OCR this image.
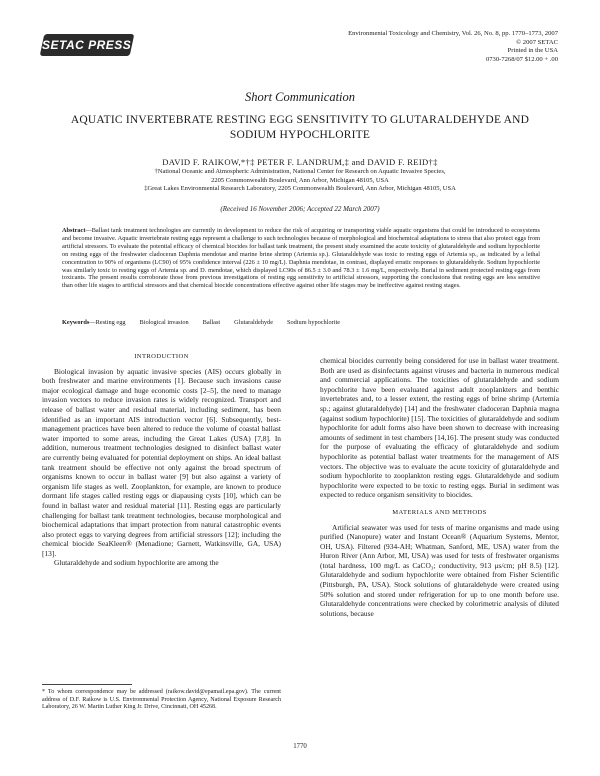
SETAC PRESS
Environmental Toxicology and Chemistry, Vol. 26, No. 8, pp. 1770–1773, 2007
© 2007 SETAC
Printed in the USA
0730-7268/07 $12.00 + .00
Short Communication
AQUATIC INVERTEBRATE RESTING EGG SENSITIVITY TO GLUTARALDEHYDE AND
SODIUM HYPOCHLORITE
DAVID F. RAIKOW,*†‡ PETER F. LANDRUM,‡ and DAVID F. REID†‡
†National Oceanic and Atmospheric Administration, National Center for Research on Aquatic Invasive Species,
2205 Commonwealth Boulevard, Ann Arbor, Michigan 48105, USA
‡Great Lakes Environmental Research Laboratory, 2205 Commonwealth Boulevard, Ann Arbor, Michigan 48105, USA
(Received 16 November 2006; Accepted 22 March 2007)
Abstract—Ballast tank treatment technologies are currently in development to reduce the risk of acquiring or transporting viable aquatic organisms that could be introduced to ecosystems and become invasive. Aquatic invertebrate resting eggs represent a challenge to such technologies because of morphological and biochemical adaptations to stress that also protect eggs from artificial stressors. To evaluate the potential efficacy of chemical biocides for ballast tank treatment, the present study examined the acute toxicity of glutaraldehyde and sodium hypochlorite on resting eggs of the freshwater cladoceran Daphnia mendotae and marine brine shrimp (Artemia sp.). Glutaraldehyde was toxic to resting eggs of Artemia sp., as indicated by a lethal concentration to 90% of organisms (LC90) of 95% confidence interval (226 ± 10 mg/L). Daphnia mendotae, in contrast, displayed erratic responses to glutaraldehyde. Sodium hypochlorite was similarly toxic to resting eggs of Artemia sp. and D. mendotae, which displayed LC90s of 86.5 ± 3.0 and 78.3 ± 1.6 mg/L, respectively. Burial in sediment protected resting eggs from toxicants. The present results corroborate those from previous investigations of resting egg sensitivity to artificial stressors, supporting the conclusions that resting eggs are less sensitive than other life stages to artificial stressors and that chemical biocide concentrations effective against other life stages may be ineffective against resting stages.
Keywords—Resting egg Biological invasion Ballast Glutaraldehyde Sodium hypochlorite
INTRODUCTION

Biological invasion by aquatic invasive species (AIS) occurs globally in both freshwater and marine environments [1]. Because such invasions cause major ecological damage and huge economic costs [2–5], the need to manage invasion vectors to reduce invasion rates is widely recognized. Transport and release of ballast water and residual material, including sediment, has been identified as an important AIS introduction vector [6]. Subsequently, best-management practices have been altered to reduce the volume of coastal ballast water imported to some areas, including the Great Lakes (USA) [7,8]. In addition, numerous treatment technologies designed to disinfect ballast water are currently being evaluated for potential deployment on ships. An ideal ballast tank treatment should be effective not only against the broad spectrum of organisms known to occur in ballast water [9] but also against a variety of organism life stages as well. Zooplankton, for example, are known to produce dormant life stages called resting eggs or diapausing cysts [10], which can be found in ballast water and residual material [11]. Resting eggs are particularly challenging for ballast tank treatment technologies, because morphological and biochemical adaptations that impart protection from natural catastrophic events also protect eggs to varying degrees from artificial stressors [12]; including the chemical biocide SeaKleen® (Menadione; Garnett, Watkinsville, GA, USA) [13].

Glutaraldehyde and sodium hypochlorite are among the

chemical biocides currently being considered for use in ballast water treatment. Both are used as disinfectants against viruses and bacteria in numerous medical and commercial applications. The toxicities of glutaraldehyde and sodium hypochlorite have been evaluated against adult zooplankters and benthic invertebrates and, to a lesser extent, the resting eggs of brine shrimp (Artemia sp.; against glutaraldehyde) [14] and the freshwater cladoceran Daphnia magna (against sodium hypochlorite) [15]. The toxicities of glutaraldehyde and sodium hypochlorite for adult forms also have been shown to decrease with increasing amounts of sediment in test chambers [14,16]. The present study was conducted for the purpose of evaluating the efficacy of glutaraldehyde and sodium hypochlorite as potential ballast water treatments for the management of AIS vectors. The objective was to evaluate the acute toxicity of glutaraldehyde and sodium hypochlorite to zooplankton resting eggs. Glutaraldehyde and sodium hypochlorite were expected to be toxic to resting eggs. Burial in sediment was expected to reduce organism sensitivity to biocides.

MATERIALS AND METHODS

Artificial seawater was used for tests of marine organisms and made using purified (Nanopure) water and Instant Ocean® (Aquarium Systems, Mentor, OH, USA). Filtered (934-AH; Whatman, Sanford, ME, USA) water from the Huron River (Ann Arbor, MI, USA) was used for tests of freshwater organisms (total hardness, 100 mg/L as CaCO₃; conductivity, 913 μs/cm; pH 8.5) [12]. Glutaraldehyde and sodium hypochlorite were obtained from Fisher Scientific (Pittsburgh, PA, USA). Stock solutions of glutaraldehyde were created using 50% solution and stored under refrigeration for up to one month before use. Glutaraldehyde concentrations were checked by colorimetric analysis of diluted solutions, because

* To whom correspondence may be addressed (raikow.david@epamail.epa.gov). The current address of D.F. Raikow is U.S. Environmental Protection Agency, National Exposure Research Laboratory, 26 W. Martin Luther King Jr. Drive, Cincinnati, OH 45268.
1770
